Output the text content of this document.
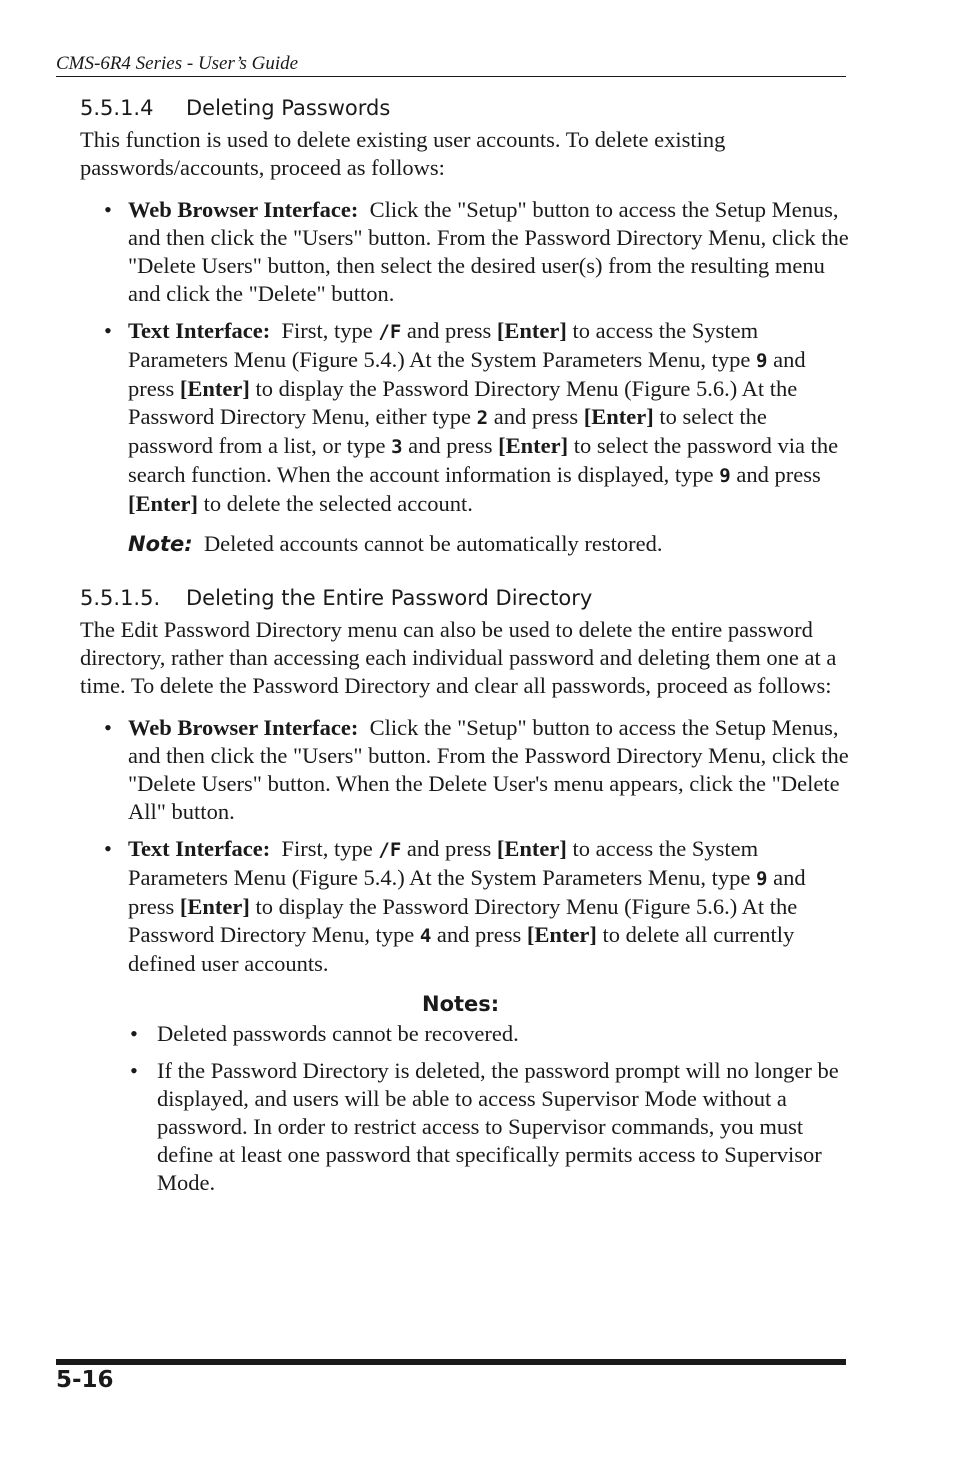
CMS-6R4 Series - User’s Guide
5.5.1.4 Deleting Passwords

This function is used to delete existing user accounts. To delete existing passwords/accounts, proceed as follows:

• Web Browser Interface: Click the "Setup" button to access the Setup Menus, and then click the "Users" button. From the Password Directory Menu, click the "Delete Users" button, then select the desired user(s) from the resulting menu and click the "Delete" button.
• Text Interface: First, type /F and press [Enter] to access the System Parameters Menu (Figure 5.4.) At the System Parameters Menu, type 9 and press [Enter] to display the Password Directory Menu (Figure 5.6.) At the Password Directory Menu, either type 2 and press [Enter] to select the password from a list, or type 3 and press [Enter] to select the password via the search function. When the account information is displayed, type 9 and press [Enter] to delete the selected account.
Note: Deleted accounts cannot be automatically restored.
5.5.1.5. Deleting the Entire Password Directory

The Edit Password Directory menu can also be used to delete the entire password directory, rather than accessing each individual password and deleting them one at a time. To delete the Password Directory and clear all passwords, proceed as follows:

• Web Browser Interface: Click the "Setup" button to access the Setup Menus, and then click the "Users" button. From the Password Directory Menu, click the "Delete Users" button. When the Delete User's menu appears, click the "Delete All" button.
• Text Interface: First, type /F and press [Enter] to access the System Parameters Menu (Figure 5.4.) At the System Parameters Menu, type 9 and press [Enter] to display the Password Directory Menu (Figure 5.6.) At the Password Directory Menu, type 4 and press [Enter] to delete all currently defined user accounts.
Notes:
• Deleted passwords cannot be recovered.
• If the Password Directory is deleted, the password prompt will no longer be displayed, and users will be able to access Supervisor Mode without a password. In order to restrict access to Supervisor commands, you must define at least one password that specifically permits access to Supervisor Mode.
5-16
